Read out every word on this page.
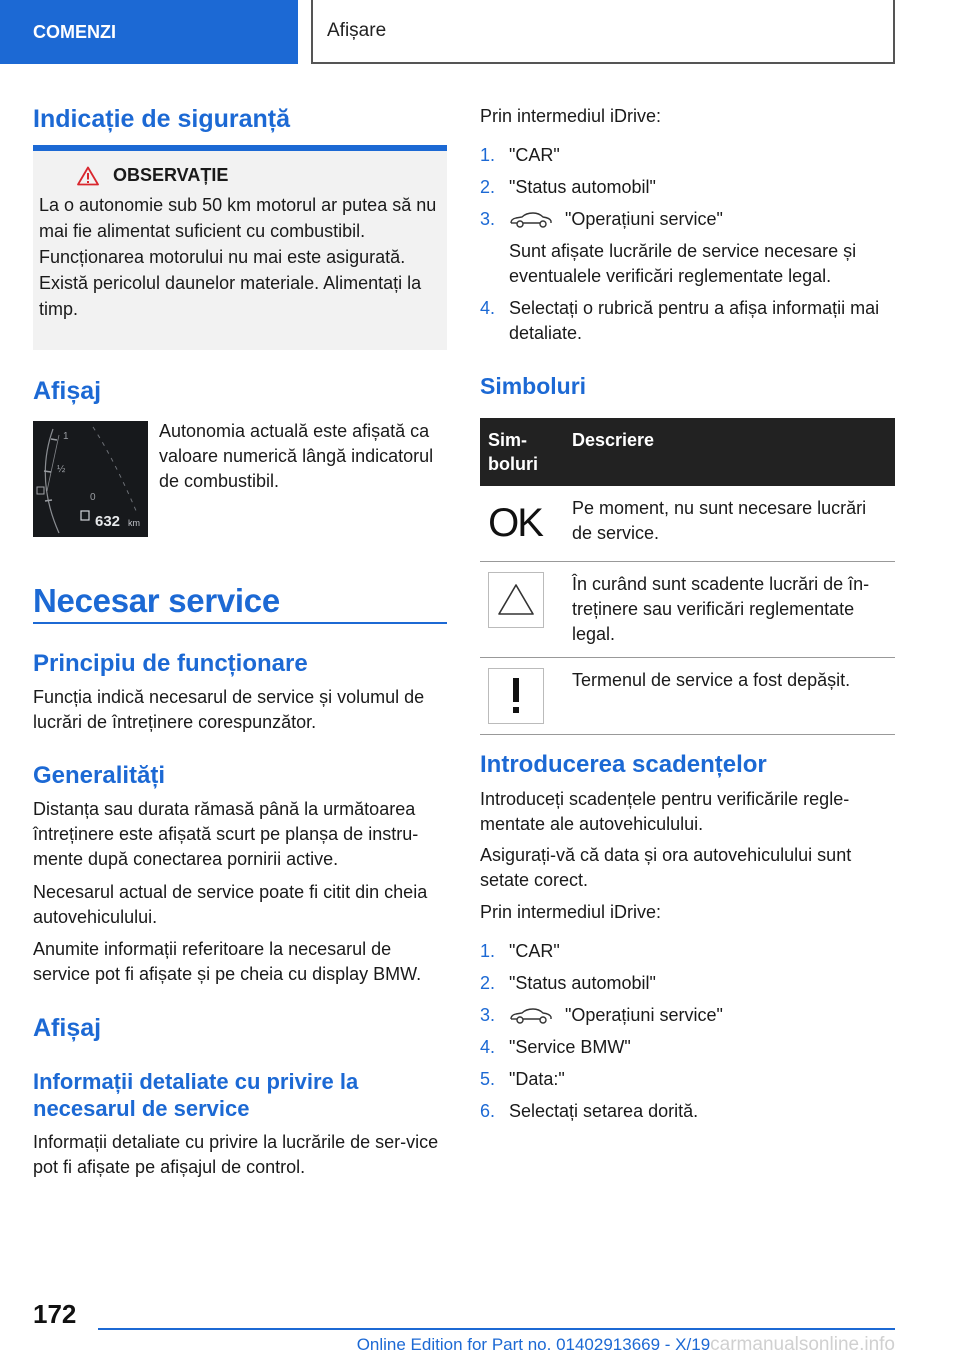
COMENZI	Afișare
Indicație de siguranță
OBSERVAȚIE

La o autonomie sub 50 km motorul ar putea să nu mai fie alimentat suficient cu combustibil. Funcționarea motorului nu mai este asigurată. Există pericolul daunelor materiale. Alimentați la timp.

Afișaj
1
½
0
632 km

Autonomia actuală este afișată ca valoare numerică lângă indicatorul de combustibil.

Necesar service
Principiu de funcționare

Funcția indică necesarul de service și volumul de lucrări de întreținere corespunzător.

Generalități

Distanța sau durata rămasă până la următoarea întreținere este afișată scurt pe planșa de instru-mente după conectarea pornirii active.

Necesarul actual de service poate fi citit din cheia autovehiculului.

Anumite informații referitoare la necesarul de service pot fi afișate și pe cheia cu display BMW.

Afișaj
Informații detaliate cu privire la necesarul de service

Informații detaliate cu privire la lucrările de ser-vice pot fi afișate pe afișajul de control.

Prin intermediul iDrive:

1. "CAR"
2. "Status automobil"
3.	"Operațiuni service"
Sunt afișate lucrările de service necesare și eventualele verificări reglementate legal.
4. Selectați o rubrică pentru a afișa informații mai detaliate.
Simboluri
Sim-
boluri	Descriere

OK	Pe moment, nu sunt necesare lucrări de service.

	În curând sunt scadente lucrări de în-treținere sau verificări reglementate legal.

	Termenul de service a fost depășit.
Introducerea scadențelor

Introduceți scadențele pentru verificările regle-mentate ale autovehiculului.

Asigurați-vă că data și ora autovehiculului sunt setate corect.

Prin intermediul iDrive:

1. "CAR"
2. "Status automobil"
3.	"Operațiuni service"
4. "Service BMW"
5. "Data:"
6. Selectați setarea dorită.
172
Online Edition for Part no. 01402913669 - X/19carmanualsonline.info
